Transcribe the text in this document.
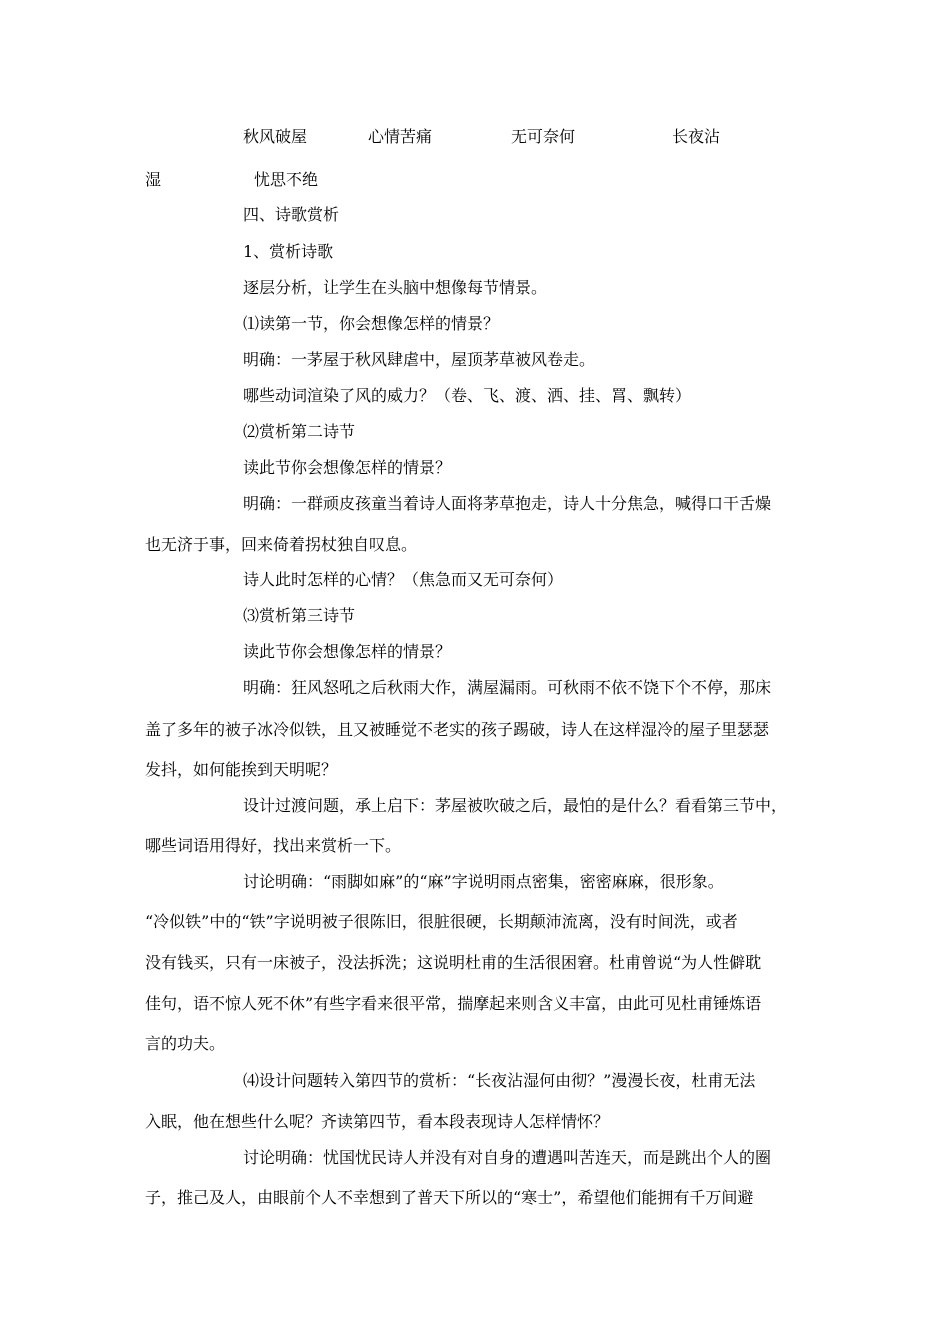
秋风破屋	心情苦痛	无可奈何	长夜沾
湿	忧思不绝
四、诗歌赏析
1、赏析诗歌
逐层分析，让学生在头脑中想像每节情景。
⑴读第一节，你会想像怎样的情景？
明确：一茅屋于秋风肆虐中，屋顶茅草被风卷走。
哪些动词渲染了风的威力？（卷、飞、渡、洒、挂、罥、飘转）
⑵赏析第二诗节
读此节你会想像怎样的情景？
明确：一群顽皮孩童当着诗人面将茅草抱走，诗人十分焦急，喊得口干舌燥
也无济于事，回来倚着拐杖独自叹息。
诗人此时怎样的心情？（焦急而又无可奈何）
⑶赏析第三诗节
读此节你会想像怎样的情景？
明确：狂风怒吼之后秋雨大作，满屋漏雨。可秋雨不依不饶下个不停，那床
盖了多年的被子冰冷似铁，且又被睡觉不老实的孩子踢破，诗人在这样湿冷的屋子里瑟瑟
发抖，如何能挨到天明呢？
设计过渡问题，承上启下：茅屋被吹破之后，最怕的是什么？看看第三节中，
哪些词语用得好，找出来赏析一下。
讨论明确：“雨脚如麻”的“麻”字说明雨点密集，密密麻麻，很形象。
“冷似铁”中的“铁”字说明被子很陈旧，很脏很硬，长期颠沛流离，没有时间洗，或者
没有钱买，只有一床被子，没法拆洗；这说明杜甫的生活很困窘。杜甫曾说“为人性僻耽
佳句，语不惊人死不休”有些字看来很平常，揣摩起来则含义丰富，由此可见杜甫锤炼语
言的功夫。
⑷设计问题转入第四节的赏析：“长夜沾湿何由彻？”漫漫长夜，杜甫无法
入眠，他在想些什么呢？齐读第四节，看本段表现诗人怎样情怀？
讨论明确：忧国忧民诗人并没有对自身的遭遇叫苦连天，而是跳出个人的圈
子，推己及人，由眼前个人不幸想到了普天下所以的“寒士”，希望他们能拥有千万间避
